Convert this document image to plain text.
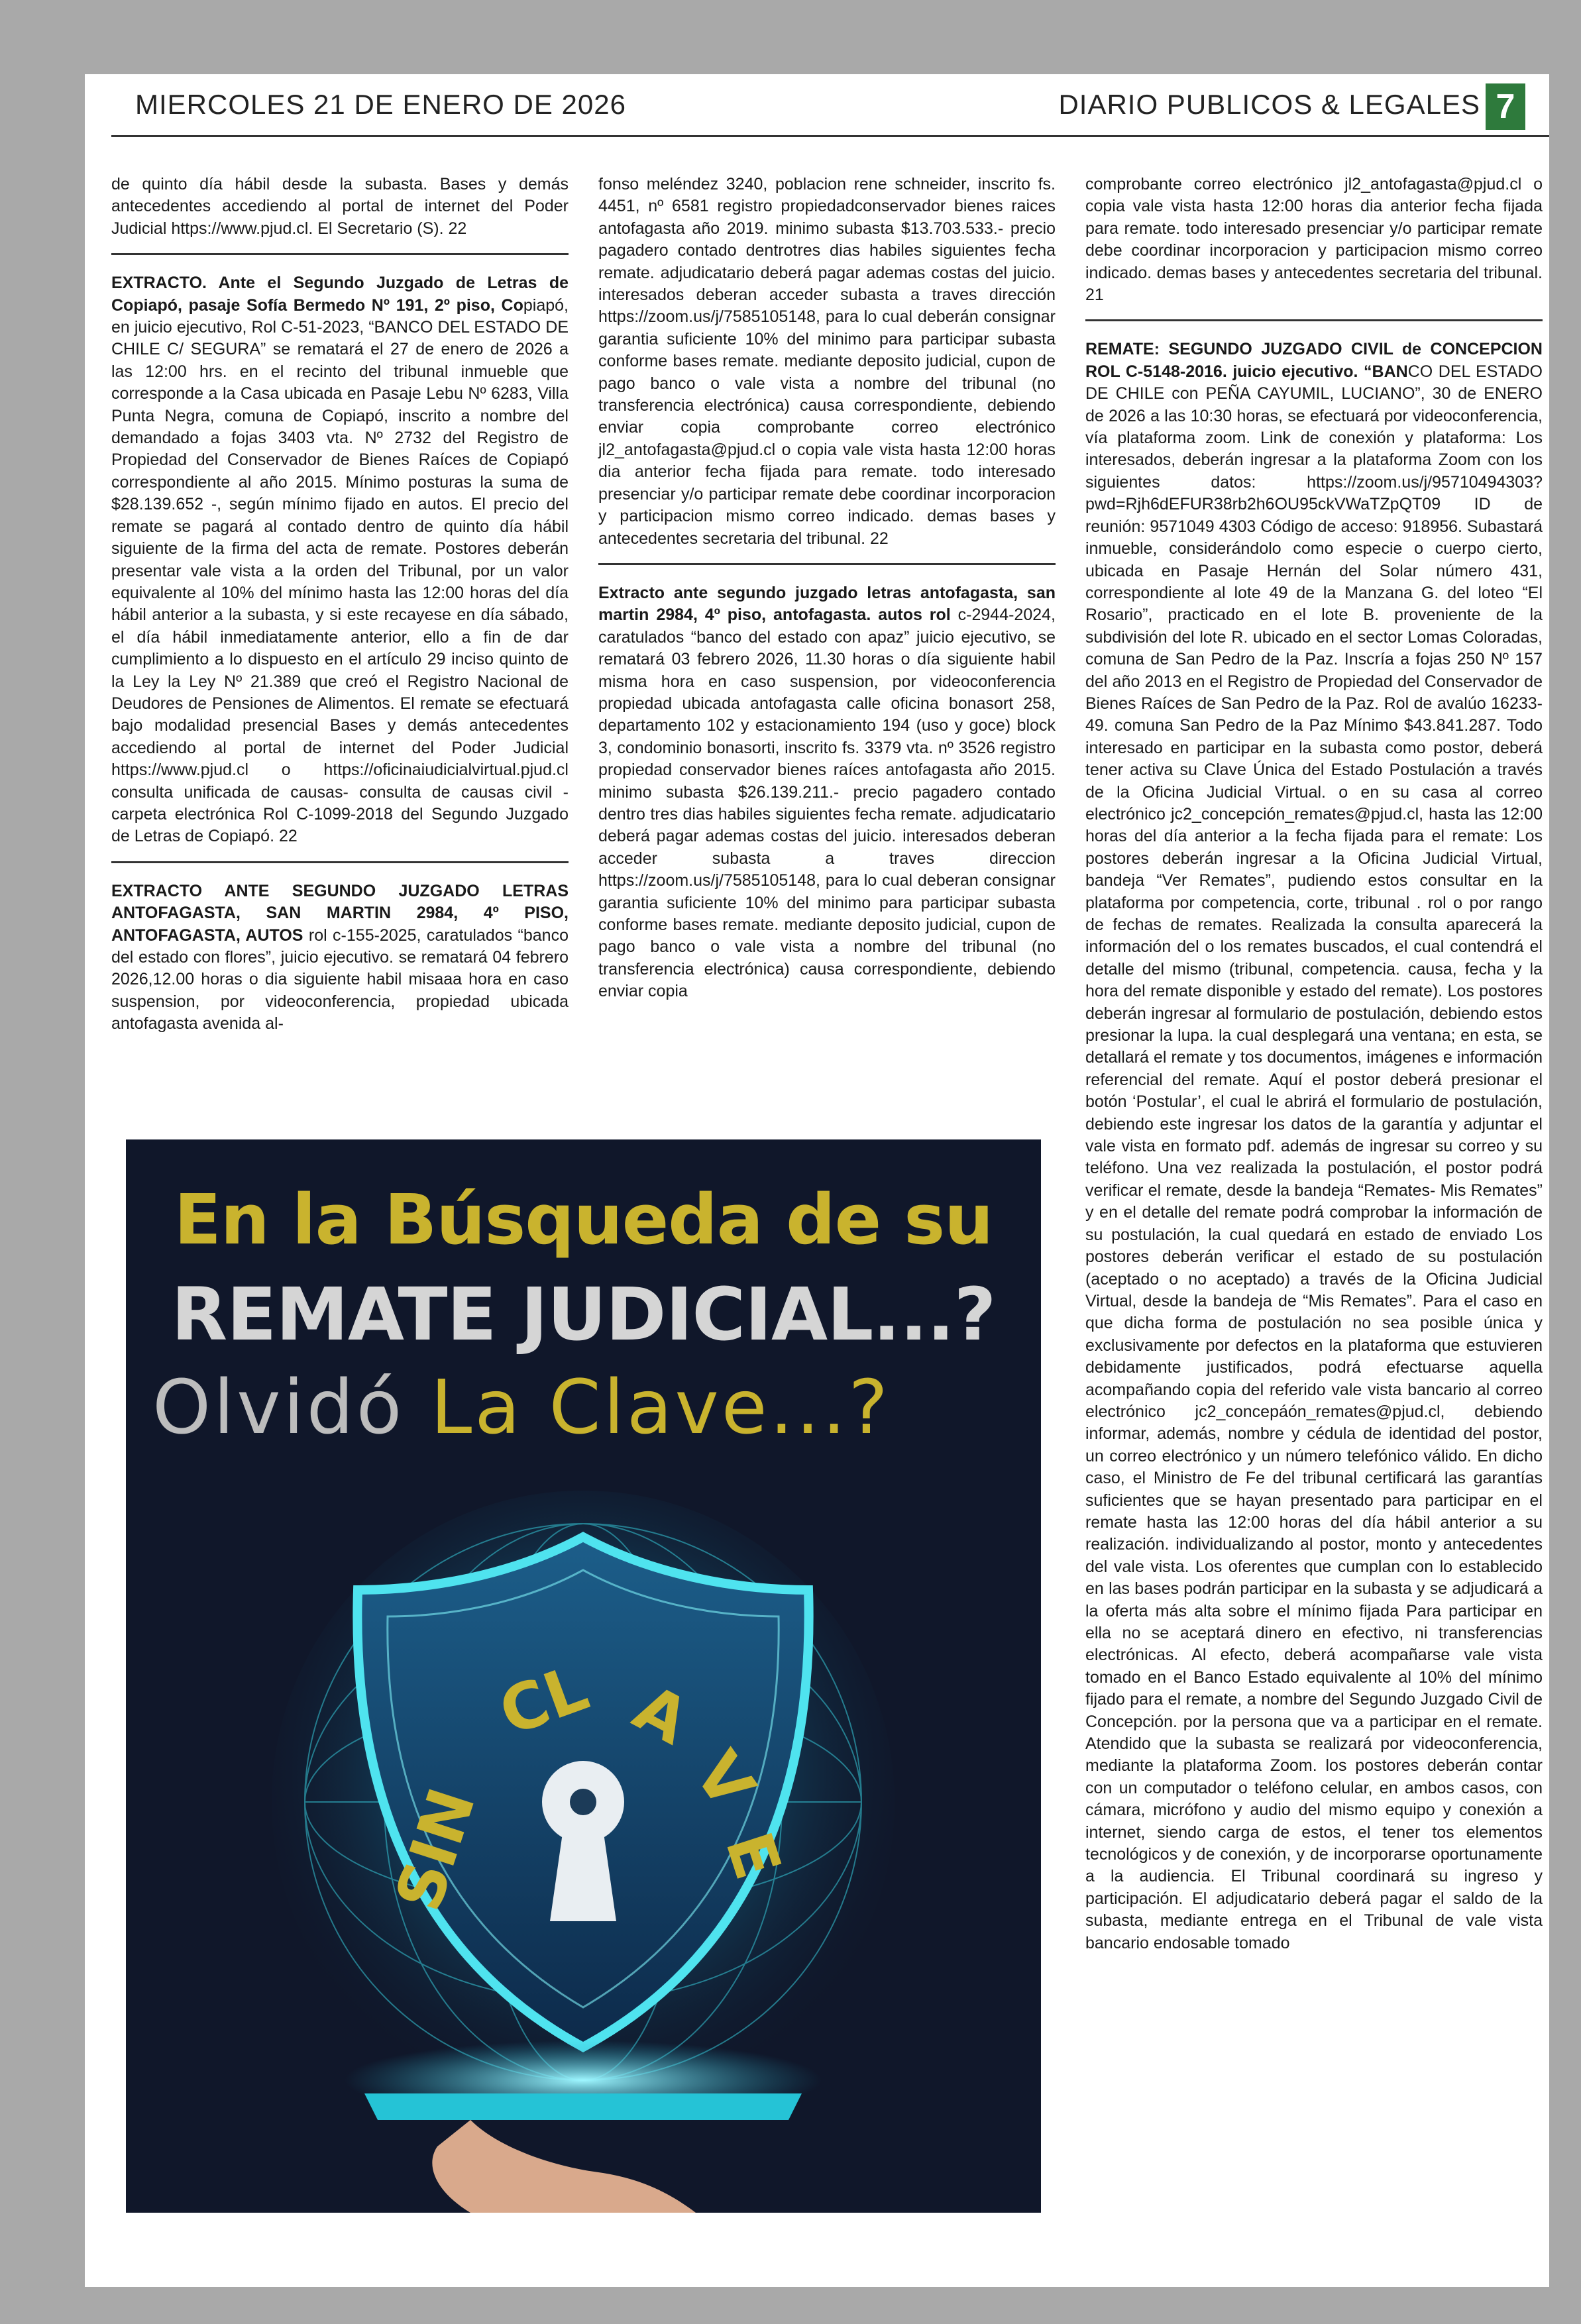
MIERCOLES 21 DE ENERO DE 2026	DIARIO PUBLICOS & LEGALES 7

de quinto día hábil desde la subasta. Bases y demás antecedentes accediendo al portal de internet del Poder Judicial https://www.pjud.cl. El Secretario (S). 22

EXTRACTO. Ante el Segundo Juzgado de Letras de Copiapó, pasaje Sofía Bermedo Nº 191, 2º piso, Copiapó, en juicio ejecutivo, Rol C-51-2023, “BANCO DEL ESTADO DE CHILE C/ SEGURA” se rematará el 27 de enero de 2026 a las 12:00 hrs. en el recinto del tribunal inmueble que corresponde a la Casa ubicada en Pasaje Lebu Nº 6283, Villa Punta Negra, comuna de Copiapó, inscrito a nombre del demandado a fojas 3403 vta. Nº 2732 del Registro de Propiedad del Conservador de Bienes Raíces de Copiapó correspondiente al año 2015. Mínimo posturas la suma de $28.139.652 -, según mínimo fijado en autos. El precio del remate se pagará al contado dentro de quinto día hábil siguiente de la firma del acta de remate. Postores deberán presentar vale vista a la orden del Tribunal, por un valor equivalente al 10% del mínimo hasta las 12:00 horas del día hábil anterior a la subasta, y si este recayese en día sábado, el día hábil inmediatamente anterior, ello a fin de dar cumplimiento a lo dispuesto en el artículo 29 inciso quinto de la Ley la Ley Nº 21.389 que creó el Registro Nacional de Deudores de Pensiones de Alimentos. El remate se efectuará bajo modalidad presencial Bases y demás antecedentes accediendo al portal de internet del Poder Judicial https://www.pjud.cl o https://oficinaiudicialvirtual.pjud.cl consulta unificada de causas- consulta de causas civil - carpeta electrónica Rol C-1099-2018 del Segundo Juzgado de Letras de Copiapó. 22

EXTRACTO ANTE SEGUNDO JUZGADO LETRAS ANTOFAGASTA, SAN MARTIN 2984, 4º PISO, ANTOFAGASTA, AUTOS rol c-155-2025, caratulados “banco del estado con flores”, juicio ejecutivo. se rematará 04 febrero 2026,12.00 horas o dia siguiente habil misaaa hora en caso suspension, por videoconferencia, propiedad ubicada antofagasta avenida al-

fonso meléndez 3240, poblacion rene schneider, inscrito fs. 4451, nº 6581 registro propiedadconservador bienes raices antofagasta año 2019. minimo subasta $13.703.533.- precio pagadero contado dentrotres dias habiles siguientes fecha remate. adjudicatario deberá pagar ademas costas del juicio. interesados deberan acceder subasta a traves dirección https://zoom.us/j/7585105148, para lo cual deberán consignar garantia suficiente 10% del minimo para participar subasta conforme bases remate. mediante deposito judicial, cupon de pago banco o vale vista a nombre del tribunal (no transferencia electrónica) causa correspondiente, debiendo enviar copia comprobante correo electrónico jl2_antofagasta@pjud.cl o copia vale vista hasta 12:00 horas dia anterior fecha fijada para remate. todo interesado presenciar y/o participar remate debe coordinar incorporacion y participacion mismo correo indicado. demas bases y antecedentes secretaria del tribunal. 22

Extracto ante segundo juzgado letras antofagasta, san martin 2984, 4º piso, antofagasta. autos rol c-2944-2024, caratulados “banco del estado con apaz” juicio ejecutivo, se rematará 03 febrero 2026, 11.30 horas o día siguiente habil misma hora en caso suspension, por videoconferencia propiedad ubicada antofagasta calle oficina bonasort 258, departamento 102 y estacionamiento 194 (uso y goce) block 3, condominio bonasorti, inscrito fs. 3379 vta. nº 3526 registro propiedad conservador bienes raíces antofagasta año 2015. minimo subasta $26.139.211.- precio pagadero contado dentro tres dias habiles siguientes fecha remate. adjudicatario deberá pagar ademas costas del juicio. interesados deberan acceder subasta a traves direccion https://zoom.us/j/7585105148, para lo cual deberan consignar garantia suficiente 10% del minimo para participar subasta conforme bases remate. mediante deposito judicial, cupon de pago banco o vale vista a nombre del tribunal (no transferencia electrónica) causa correspondiente, debiendo enviar copia

comprobante correo electrónico jl2_antofagasta@pjud.cl o copia vale vista hasta 12:00 horas dia anterior fecha fijada para remate. todo interesado presenciar y/o participar remate debe coordinar incorporacion y participacion mismo correo indicado. demas bases y antecedentes secretaria del tribunal. 21

REMATE: SEGUNDO JUZGADO CIVIL de CONCEPCION ROL C-5148-2016. juicio ejecutivo. “BANCO DEL ESTADO DE CHILE con PEÑA CAYUMIL, LUCIANO”, 30 de ENERO de 2026 a las 10:30 horas, se efectuará por videoconferencia, vía plataforma zoom. Link de conexión y plataforma: Los interesados, deberán ingresar a la plataforma Zoom con los siguientes datos: https://zoom.us/j/95710494303?pwd=Rjh6dEFUR38rb2h6OU95ckVWaTZpQT09 ID de reunión: 9571049 4303 Código de acceso: 918956. Subastará inmueble, considerándolo como especie o cuerpo cierto, ubicada en Pasaje Hernán del Solar número 431, correspondiente al lote 49 de la Manzana G. del loteo “El Rosario”, practicado en el lote B. proveniente de la subdivisión del lote R. ubicado en el sector Lomas Coloradas, comuna de San Pedro de la Paz. Inscría a fojas 250 Nº 157 del año 2013 en el Registro de Propiedad del Conservador de Bienes Raíces de San Pedro de la Paz. Rol de avalúo 16233-49. comuna San Pedro de la Paz Mínimo $43.841.287. Todo interesado en participar en la subasta como postor, deberá tener activa su Clave Única del Estado Postulación a través de la Oficina Judicial Virtual. o en su casa al correo electrónico jc2_concepción_remates@pjud.cl, hasta las 12:00 horas del día anterior a la fecha fijada para el remate: Los postores deberán ingresar a la Oficina Judicial Virtual, bandeja “Ver Remates”, pudiendo estos consultar en la plataforma por competencia, corte, tribunal . rol o por rango de fechas de remates. Realizada la consulta aparecerá la información del o los remates buscados, el cual contendrá el detalle del mismo (tribunal, competencia. causa, fecha y la hora del remate disponible y estado del remate). Los postores deberán ingresar al formulario de postulación, debiendo estos presionar la lupa. la cual desplegará una ventana; en esta, se detallará el remate y tos documentos, imágenes e información referencial del remate. Aquí el postor deberá presionar el botón ‘Postular’, el cual le abrirá el formulario de postulación, debiendo este ingresar los datos de la garantía y adjuntar el vale vista en formato pdf. además de ingresar su correo y su teléfono. Una vez realizada la postulación, el postor podrá verificar el remate, desde la bandeja “Remates- Mis Remates” y en el detalle del remate podrá comprobar la información de su postulación, la cual quedará en estado de enviado Los postores deberán verificar el estado de su postulación (aceptado o no aceptado) a través de la Oficina Judicial Virtual, desde la bandeja de “Mis Remates”. Para el caso en que dicha forma de postulación no sea posible única y exclusivamente por defectos en la plataforma que estuvieren debidamente justificados, podrá efectuarse aquella acompañando copia del referido vale vista bancario al correo electrónico jc2_concepáón_remates@pjud.cl, debiendo informar, además, nombre y cédula de identidad del postor, un correo electrónico y un número telefónico válido. En dicho caso, el Ministro de Fe del tribunal certificará las garantías suficientes que se hayan presentado para participar en el remate hasta las 12:00 horas del día hábil anterior a su realización. individualizando al postor, monto y antecedentes del vale vista. Los oferentes que cumplan con lo establecido en las bases podrán participar en la subasta y se adjudicará a la oferta más alta sobre el mínimo fijada Para participar en ella no se aceptará dinero en efectivo, ni transferencias electrónicas. Al efecto, deberá acompañarse vale vista tomado en el Banco Estado equivalente al 10% del mínimo fijado para el remate, a nombre del Segundo Juzgado Civil de Concepción. por la persona que va a participar en el remate. Atendido que la subasta se realizará por videoconferencia, mediante la plataforma Zoom. los postores deberán contar con un computador o teléfono celular, en ambos casos, con cámara, micrófono y audio del mismo equipo y conexión a internet, siendo carga de estos, el tener tos elementos tecnológicos y de conexión, y de incorporarse oportunamente a la audiencia. El Tribunal coordinará su ingreso y participación. El adjudicatario deberá pagar el saldo de la subasta, mediante entrega en el Tribunal de vale vista bancario endosable tomado

En la Búsqueda de su
REMATE JUDICIAL...?
Olvidó La Clave...?
SIN
CL A
V
E
